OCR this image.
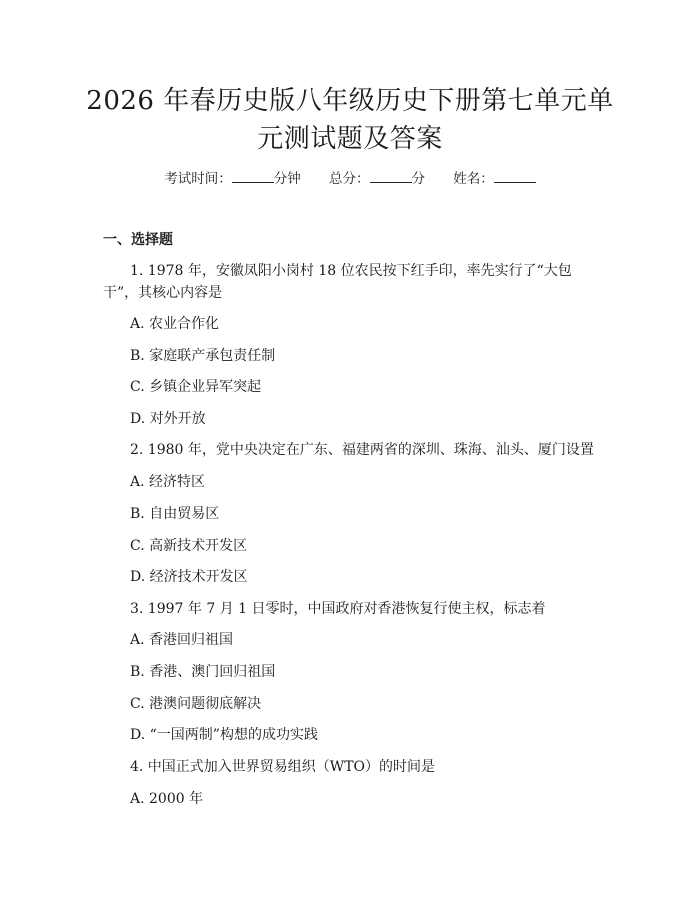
2026 年春历史版八年级历史下册第七单元单
元测试题及答案
考试时间：	分钟 总分：	分 姓名：
一、选择题
1. 1978 年，安徽凤阳小岗村 18 位农民按下红手印，率先实行了“大包
干”，其核心内容是
A. 农业合作化
B. 家庭联产承包责任制
C. 乡镇企业异军突起
D. 对外开放
2. 1980 年，党中央决定在广东、福建两省的深圳、珠海、汕头、厦门设置
A. 经济特区
B. 自由贸易区
C. 高新技术开发区
D. 经济技术开发区
3. 1997 年 7 月 1 日零时，中国政府对香港恢复行使主权，标志着
A. 香港回归祖国
B. 香港、澳门回归祖国
C. 港澳问题彻底解决
D. “一国两制”构想的成功实践
4. 中国正式加入世界贸易组织（WTO）的时间是
A. 2000 年
